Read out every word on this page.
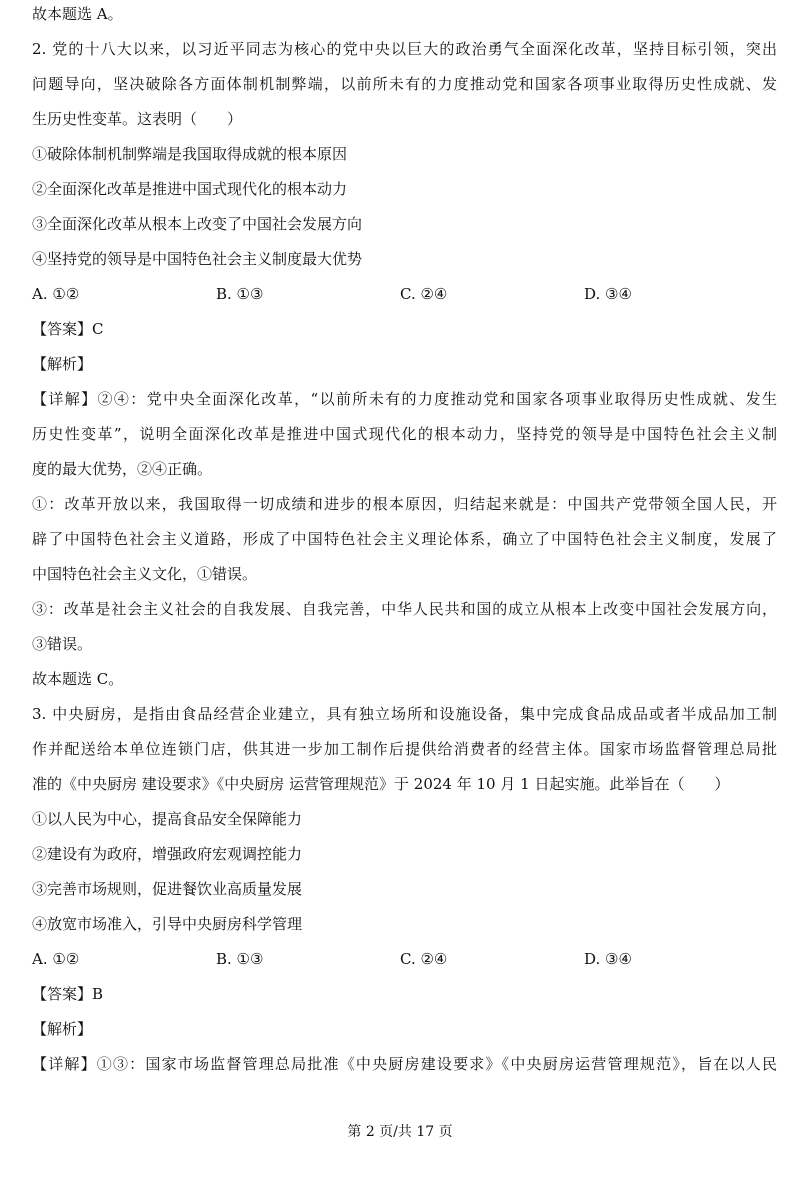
故本题选 A。
2. 党的十八大以来，以习近平同志为核心的党中央以巨大的政治勇气全面深化改革，坚持目标引领，突出
问题导向，坚决破除各方面体制机制弊端，以前所未有的力度推动党和国家各项事业取得历史性成就、发
生历史性变革。这表明（　　）
①破除体制机制弊端是我国取得成就的根本原因
②全面深化改革是推进中国式现代化的根本动力
③全面深化改革从根本上改变了中国社会发展方向
④坚持党的领导是中国特色社会主义制度最大优势
A. ①②	B. ①③	C. ②④	D. ③④
【答案】C
【解析】
【详解】②④：党中央全面深化改革，“以前所未有的力度推动党和国家各项事业取得历史性成就、发生
历史性变革”，说明全面深化改革是推进中国式现代化的根本动力，坚持党的领导是中国特色社会主义制
度的最大优势，②④正确。
①：改革开放以来，我国取得一切成绩和进步的根本原因，归结起来就是：中国共产党带领全国人民，开
辟了中国特色社会主义道路，形成了中国特色社会主义理论体系，确立了中国特色社会主义制度，发展了
中国特色社会主义文化，①错误。
③：改革是社会主义社会的自我发展、自我完善，中华人民共和国的成立从根本上改变中国社会发展方向，
③错误。
故本题选 C。
3. 中央厨房，是指由食品经营企业建立，具有独立场所和设施设备，集中完成食品成品或者半成品加工制
作并配送给本单位连锁门店，供其进一步加工制作后提供给消费者的经营主体。国家市场监督管理总局批
准的《中央厨房 建设要求》《中央厨房 运营管理规范》于 2024 年 10 月 1 日起实施。此举旨在（　　）
①以人民为中心，提高食品安全保障能力
②建设有为政府，增强政府宏观调控能力
③完善市场规则，促进餐饮业高质量发展
④放宽市场准入，引导中央厨房科学管理
A. ①②	B. ①③	C. ②④	D. ③④
【答案】B
【解析】
【详解】①③：国家市场监督管理总局批准《中央厨房建设要求》《中央厨房运营管理规范》，旨在以人民
第 2 页/共 17 页
